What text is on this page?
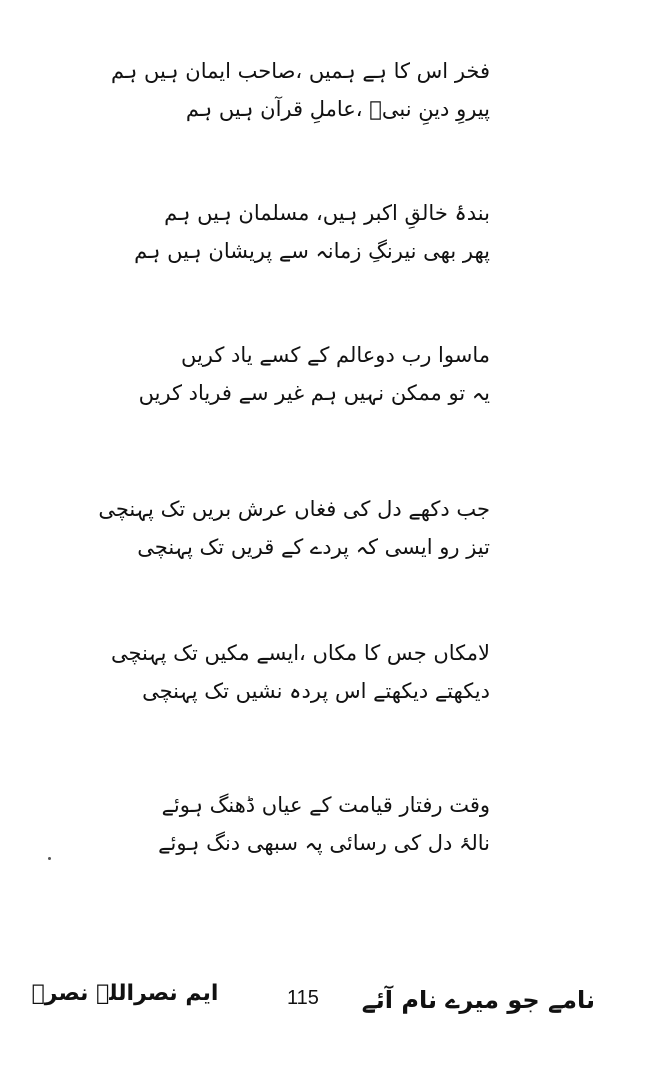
فخر اس کا ہے ہمیں ،صاحب ایمان ہیں ہم
پیروِ دینِ نبیؐ ،عاملِ قرآن ہیں ہم
بندۂ خالقِ اکبر ہیں، مسلمان ہیں ہم
پھر بھی نیرنگِ زمانہ سے پریشان ہیں ہم
ماسوا رب دوعالم کے کسے یاد کریں
یہ تو ممکن نہیں ہم غیر سے فریاد کریں
جب دکھے دل کی فغاں عرش بریں تک پہنچی
تیز رو ایسی کہ پردے کے قریں تک پہنچی
لامکاں جس کا مکاں ،ایسے مکیں تک پہنچی
دیکھتے دیکھتے اس پردہ نشیں تک پہنچی
وقت رفتار قیامت کے عیاں ڈھنگ ہوئے
نالۂ دل کی رسائی پہ سبھی دنگ ہوئے
ایم نصراللہ نصرؔ	115	نامے جو میرے نام آئے
